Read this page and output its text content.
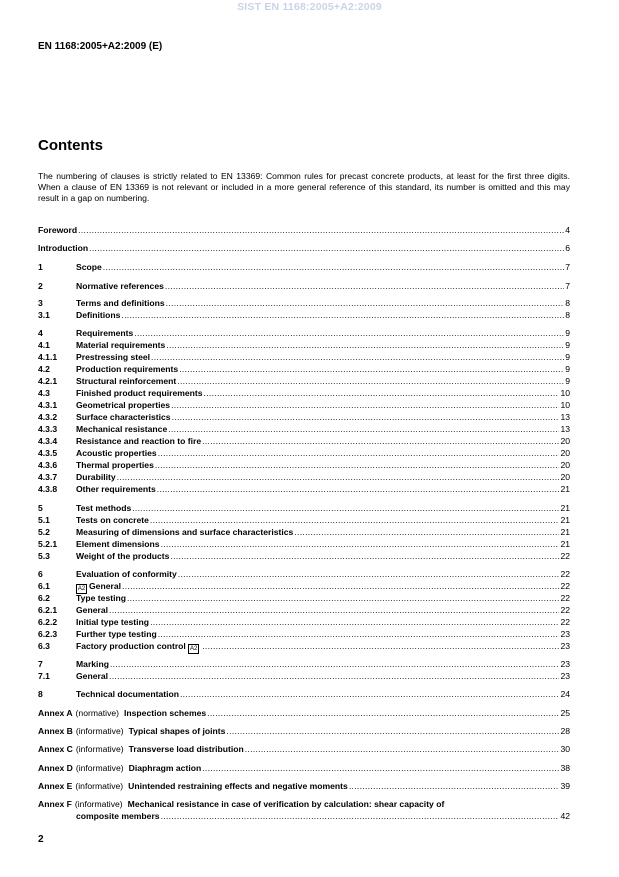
SIST EN 1168:2005+A2:2009
EN 1168:2005+A2:2009 (E)
Contents

The numbering of clauses is strictly related to EN 13369: Common rules for precast concrete products, at least for the first three digits. When a clause of EN 13369 is not relevant or included in a more general reference of this standard, its number is omitted and this may result in a gap on numbering.

Foreword .....	4
Introduction .....	6
1	Scope .....	7
2	Normative references .....	7
3	Terms and definitions .....	8
3.1	Definitions .....	8
4	Requirements .....	9
4.1	Material requirements .....	9
4.1.1	Prestressing steel .....	9
4.2	Production requirements .....	9
4.2.1	Structural reinforcement .....	9
4.3	Finished product requirements .....	10
4.3.1	Geometrical properties .....	10
4.3.2	Surface characteristics .....	13
4.3.3	Mechanical resistance .....	13
4.3.4	Resistance and reaction to fire .....	20
4.3.5	Acoustic properties .....	20
4.3.6	Thermal properties .....	20
4.3.7	Durability .....	20
4.3.8	Other requirements .....	21
5	Test methods .....	21
5.1	Tests on concrete .....	21
5.2	Measuring of dimensions and surface characteristics .....	21
5.2.1	Element dimensions .....	21
5.3	Weight of the products .....	22
6	Evaluation of conformity .....	22
6.1	A2 General .....	22
6.2	Type testing .....	22
6.2.1	General .....	22
6.2.2	Initial type testing .....	22
6.2.3	Further type testing .....	23
6.3	Factory production control A2 .....	23
7	Marking .....	23
7.1	General .....	23
8	Technical documentation .....	24
Annex A (normative) Inspection schemes .....	25
Annex B (informative) Typical shapes of joints .....	28
Annex C (informative) Transverse load distribution .....	30
Annex D (informative) Diaphragm action .....	38
Annex E (informative) Unintended restraining effects and negative moments .....	39
Annex F (informative) Mechanical resistance in case of verification by calculation: shear capacity of
composite members .....	42
2
